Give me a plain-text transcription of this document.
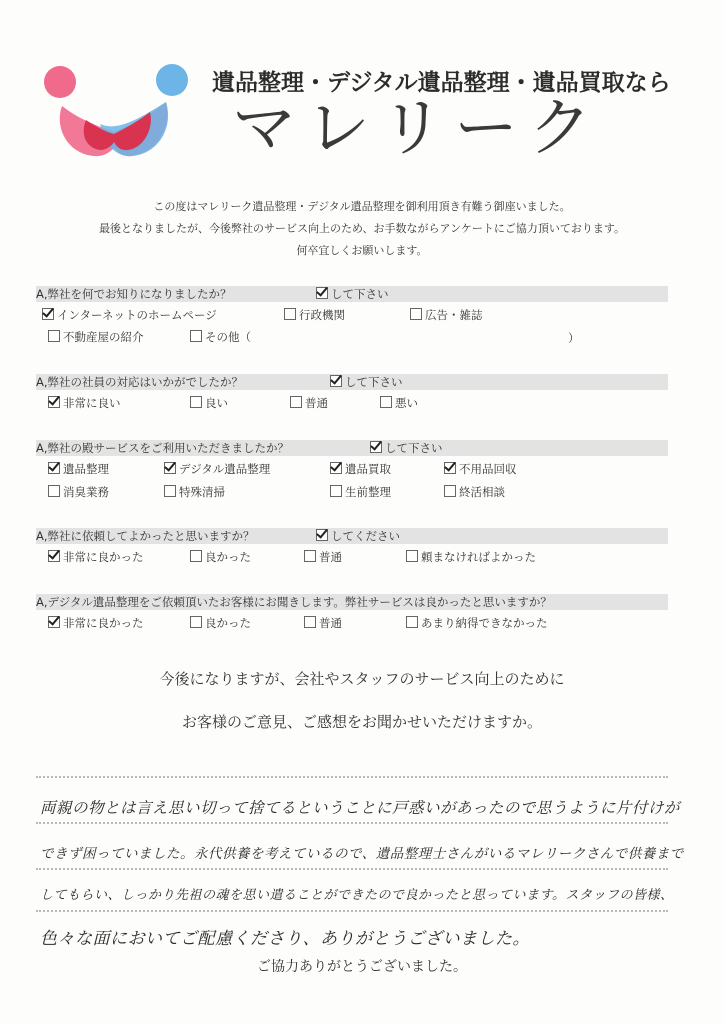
遺品整理・デジタル遺品整理・遺品買取なら
マレリーク
この度はマレリーク遺品整理・デジタル遺品整理を御利用頂き有難う御座いました。
最後となりましたが、今後弊社のサービス向上のため、お手数ながらアンケートにご協力頂いております。
何卒宜しくお願いします。
A,弊社を何でお知りになりましたか？	して下さい
インターネットのホームページ	行政機関	広告・雑誌
不動産屋の紹介	その他（	）
A,弊社の社員の対応はいかがでしたか？	して下さい
非常に良い	良い	普通	悪い
A,弊社の殿サービスをご利用いただきましたか？	して下さい
遺品整理	デジタル遺品整理	遺品買取	不用品回収
消臭業務	特殊清掃	生前整理	終活相談
A,弊社に依頼してよかったと思いますか？	してください
非常に良かった	良かった	普通	頼まなければよかった
A,デジタル遺品整理をご依頼頂いたお客様にお聞きします。弊社サービスは良かったと思いますか？
非常に良かった	良かった	普通	あまり納得できなかった
今後になりますが、会社やスタッフのサービス向上のために
お客様のご意見、ご感想をお聞かせいただけますか。
両親の物とは言え思い切って捨てるということに戸惑いがあったので思うように片付けが
できず困っていました。永代供養を考えているので、遺品整理士さんがいるマレリークさんで供養まで
してもらい、しっかり先祖の魂を思い遣ることができたので良かったと思っています。スタッフの皆様、
色々な面においてご配慮くださり、ありがとうございました。
ご協力ありがとうございました。
